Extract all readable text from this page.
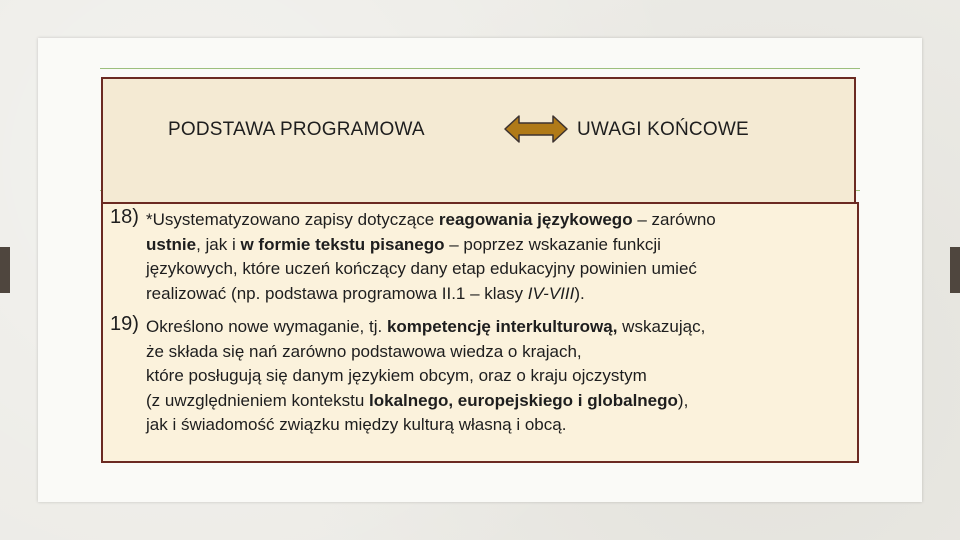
PODSTAWA PROGRAMOWA	UWAGI KOŃCOWE
18) *Usystematyzowano zapisy dotyczące reagowania językowego – zarówno
ustnie, jak i w formie tekstu pisanego – poprzez wskazanie funkcji
językowych, które uczeń kończący dany etap edukacyjny powinien umieć
realizować (np. podstawa programowa II.1 – klasy IV-VIII).
19) Określono nowe wymaganie, tj. kompetencję interkulturową, wskazując,
że składa się nań zarówno podstawowa wiedza o krajach,
które posługują się danym językiem obcym, oraz o kraju ojczystym
(z uwzględnieniem kontekstu lokalnego, europejskiego i globalnego),
jak i świadomość związku między kulturą własną i obcą.
